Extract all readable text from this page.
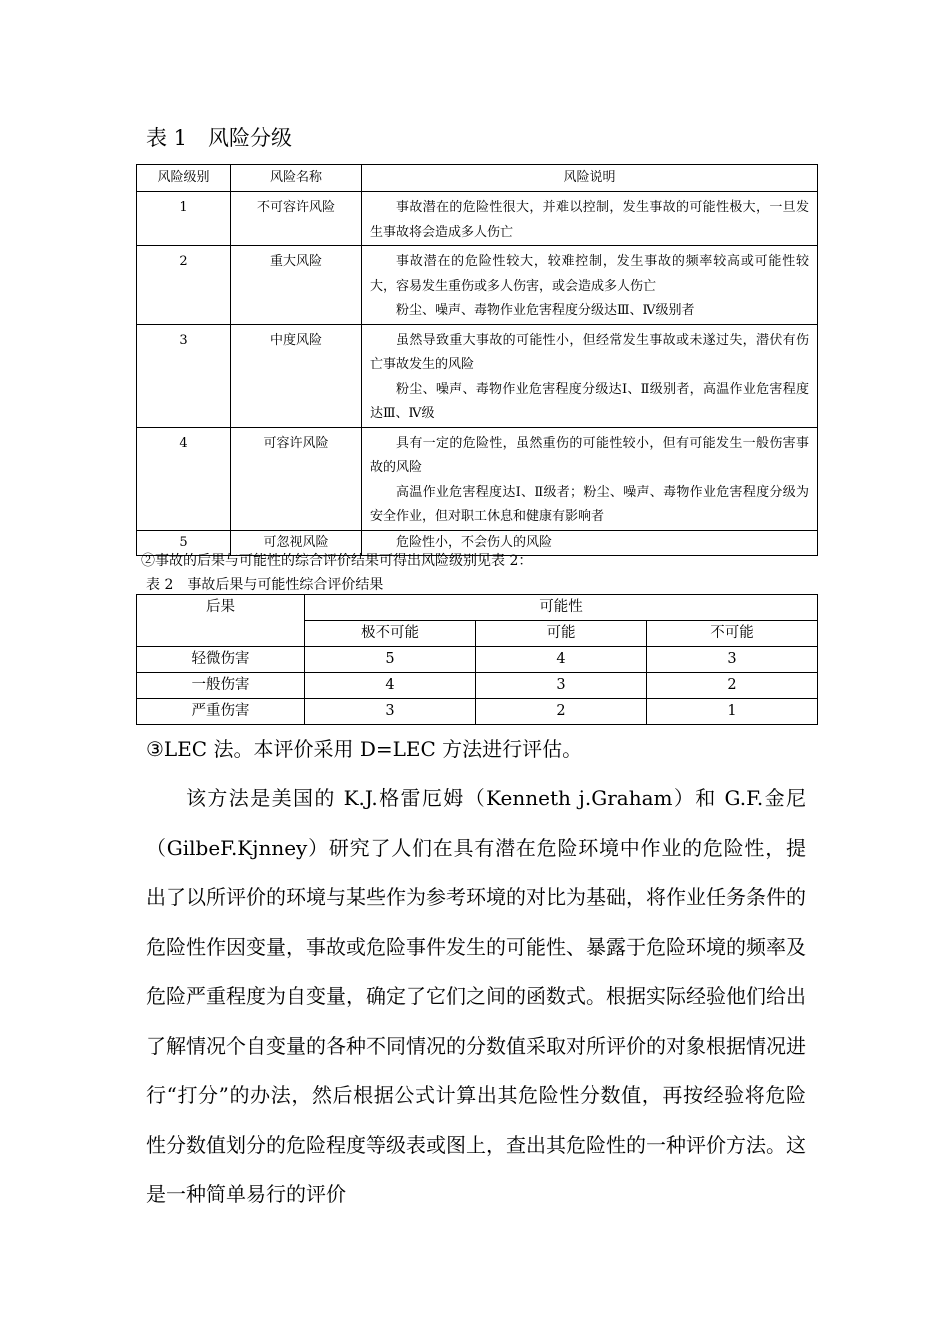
表 1　风险分级
风险级别	风险名称	风险说明
1	不可容许风险	事故潜在的危险性很大，并难以控制，发生事故的可能性极大，一旦发生事故将会造成多人伤亡

2	重大风险	事故潜在的危险性较大，较难控制，发生事故的频率较高或可能性较大，容易发生重伤或多人伤害，或会造成多人伤亡

粉尘、噪声、毒物作业危害程度分级达Ⅲ、Ⅳ级别者

3	中度风险	虽然导致重大事故的可能性小，但经常发生事故或未遂过失，潜伏有伤亡事故发生的风险

粉尘、噪声、毒物作业危害程度分级达Ⅰ、Ⅱ级别者，高温作业危害程度达Ⅲ、Ⅳ级

4	可容许风险	具有一定的危险性，虽然重伤的可能性较小，但有可能发生一般伤害事故的风险

高温作业危害程度达Ⅰ、Ⅱ级者；粉尘、噪声、毒物作业危害程度分级为安全作业，但对职工休息和健康有影响者

5	可忽视风险	危险性小，不会伤人的风险

②事故的后果与可能性的综合评价结果可得出风险级别见表 2：
表 2　事故后果与可能性综合评价结果
后果	可能性		
	极不可能	可能	不可能
轻微伤害	5	4	3
一般伤害	4	3	2
严重伤害	3	2	1
③LEC 法。本评价采用 D=LEC 方法进行评估。
该方法是美国的 K.J.格雷厄姆（Kenneth j.Graham）和 G.F.金尼（GilbeF.Kjnney）研究了人们在具有潜在危险环境中作业的危险性，提出了以所评价的环境与某些作为参考环境的对比为基础，将作业任务条件的危险性作因变量，事故或危险事件发生的可能性、暴露于危险环境的频率及危险严重程度为自变量，确定了它们之间的函数式。根据实际经验他们给出了解情况个自变量的各种不同情况的分数值采取对所评价的对象根据情况进行“打分”的办法，然后根据公式计算出其危险性分数值，再按经验将危险性分数值划分的危险程度等级表或图上，查出其危险性的一种评价方法。这是一种简单易行的评价
